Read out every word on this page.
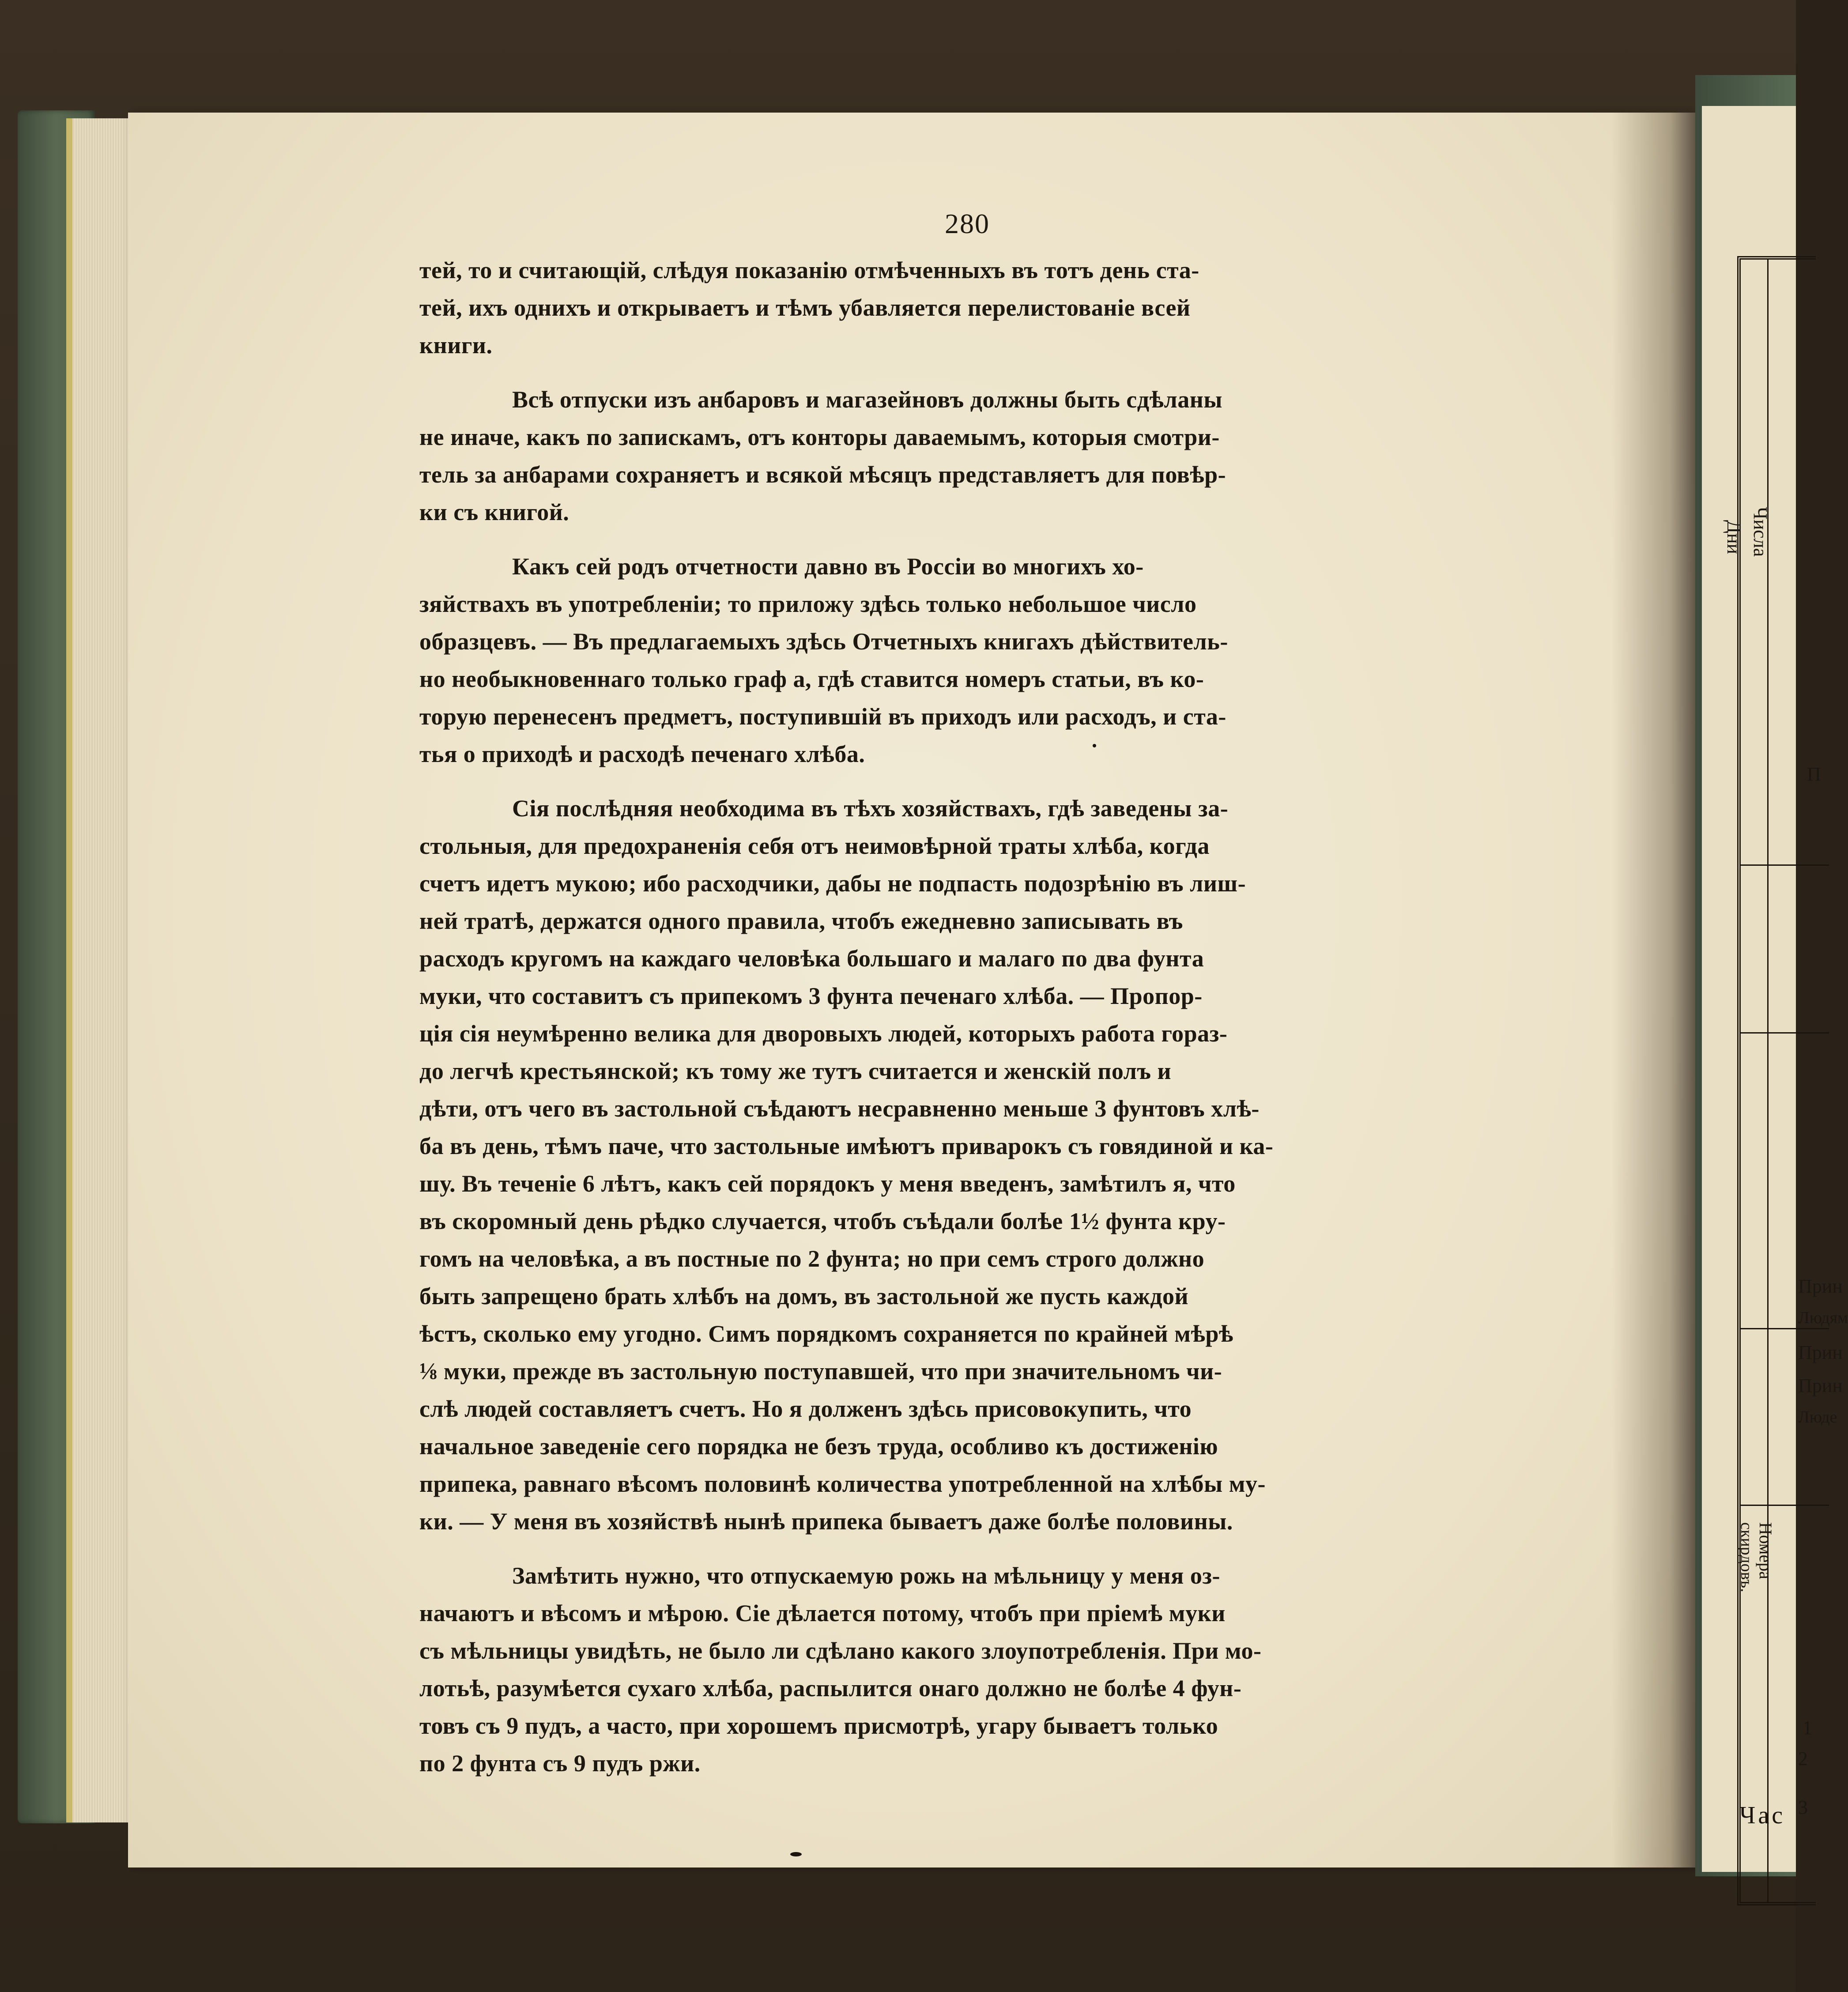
280
тей, то и считающій, слѣдуя показанію отмѣченныхъ въ тотъ день ста-
тей, ихъ однихъ и открываетъ и тѣмъ убавляется перелистованіе всей
книги.
Всѣ отпуски изъ анбаровъ и магазейновъ должны быть сдѣланы
не иначе, какъ по запискамъ, отъ конторы даваемымъ, которыя смотри-
тель за анбарами сохраняетъ и всякой мѣсяцъ представляетъ для повѣр-
ки съ книгой.
Какъ сей родъ отчетности давно въ Россіи во многихъ хо-
зяйствахъ въ употребленіи; то приложу здѣсь только небольшое число
образцевъ. — Въ предлагаемыхъ здѣсь Отчетныхъ книгахъ дѣйствитель-
но необыкновеннаго только граф а, гдѣ ставится номеръ статьи, въ ко-
торую перенесенъ предметъ, поступившій въ приходъ или расходъ, и ста-
тья о приходѣ и расходѣ печенаго хлѣба.
Сія послѣдняя необходима въ тѣхъ хозяйствахъ, гдѣ заведены за-
стольныя, для предохраненія себя отъ неимовѣрной траты хлѣба, когда
счетъ идетъ мукою; ибо расходчики, дабы не подпасть подозрѣнію въ лиш-
ней тратѣ, держатся одного правила, чтобъ ежедневно записывать въ
расходъ кругомъ на каждаго человѣка большаго и малаго по два фунта
муки, что составитъ съ припекомъ 3 фунта печенаго хлѣба. — Пропор-
ція сія неумѣренно велика для дворовыхъ людей, которыхъ работа горaз-
до легчѣ крестьянской; къ тому же тутъ считается и женскій полъ и
дѣти, отъ чего въ застольной съѣдаютъ несравненно меньше 3 фунтовъ хлѣ-
ба въ день, тѣмъ паче, что застольные имѣютъ приварокъ съ говядиной и ка-
шу. Въ теченіе 6 лѣтъ, какъ сей порядокъ у меня введенъ, замѣтилъ я, что
въ скоромный день рѣдко случается, чтобъ съѣдали болѣе 1½ фунта кру-
гомъ на человѣка, а въ постные по 2 фунта; но при семъ строго должно
быть запрещено брать хлѣбъ на домъ, въ застольной же пусть каждой
ѣстъ, сколько ему угодно. Симъ порядкомъ сохраняется по крайней мѣрѣ
⅛ муки, прежде въ застольную поступавшей, что при значительномъ чи-
слѣ людей составляетъ счетъ. Но я долженъ здѣсь присовокупить, что
начальное заведеніе сего порядка не безъ труда, особливо къ достиженію
припека, равнаго вѣсомъ половинѣ количества употребленной на хлѣбы му-
ки. — У меня въ хозяйствѣ нынѣ припека бываетъ даже болѣе половины.
Замѣтить нужно, что отпускаемую рожь на мѣльницу у меня оз-
начаютъ и вѣсомъ и мѣрою. Сіе дѣлается потому, чтобъ при пріемѣ муки
съ мѣльницы увидѣть, не было ли сдѣлано какого злоупотребленія. При мо-
лотьѣ, разумѣется сухаго хлѣба, распылится онаго должно не болѣе 4 фун-
товъ съ 9 пудъ, а часто, при хорошемъ присмотрѣ, угару бываетъ только
по 2 фунта съ 9 пудъ ржи.
Числа
Дни
П
Прин
Людям
Прин
Прин
Люде
Номера
скирдовъ.
1
2
3
Час
